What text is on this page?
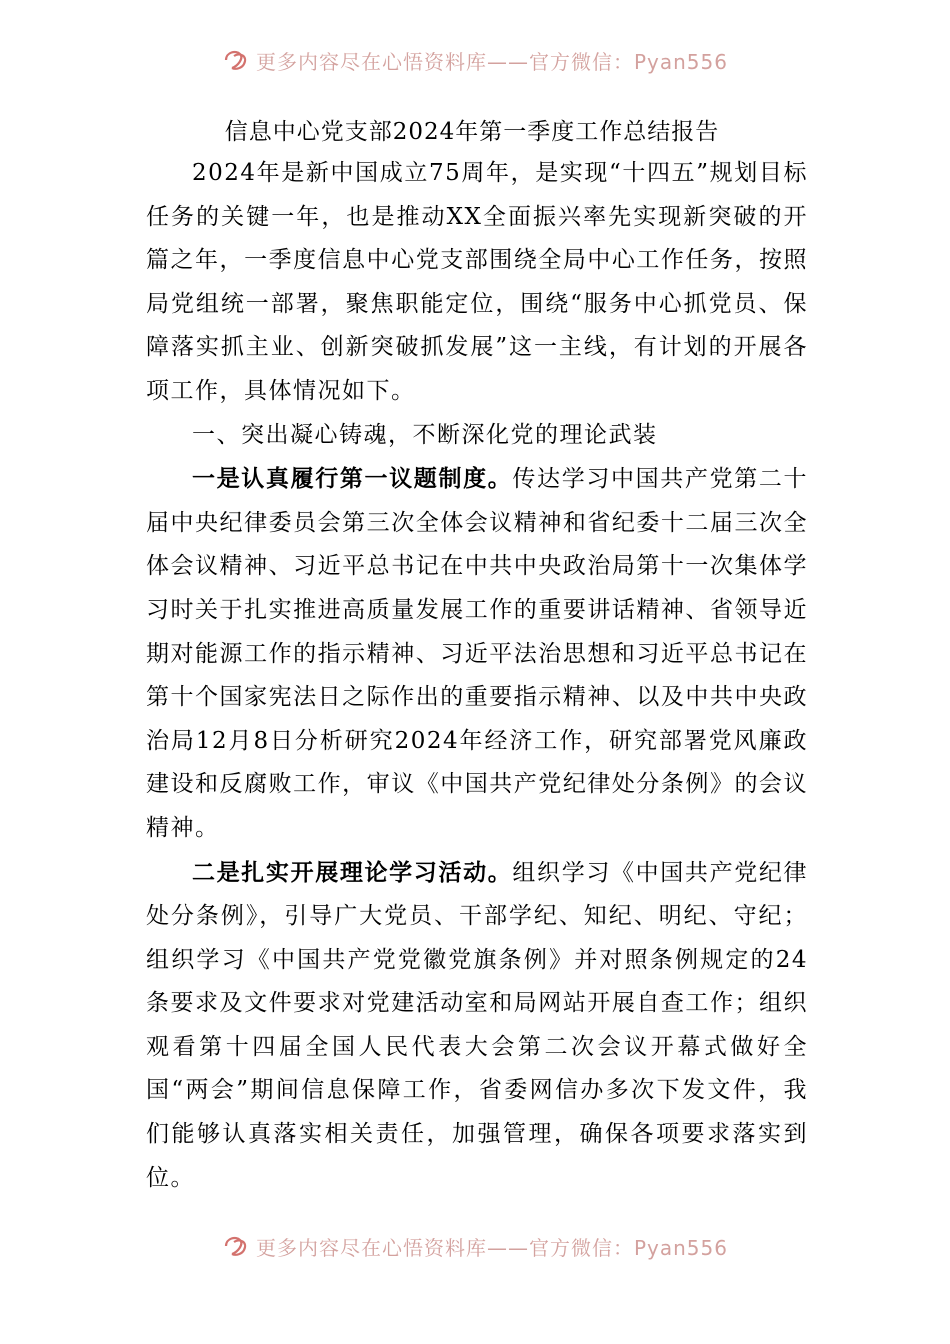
更多内容尽在心悟资料库——官方微信：Pyan556

信息中心党支部2024年第一季度工作总结报告

2024年是新中国成立75周年，是实现“十四五”规划目标任务的关键一年，也是推动XX全面振兴率先实现新突破的开篇之年，一季度信息中心党支部围绕全局中心工作任务，按照局党组统一部署，聚焦职能定位，围绕“服务中心抓党员、保障落实抓主业、创新突破抓发展”这一主线，有计划的开展各项工作，具体情况如下。

一、突出凝心铸魂，不断深化党的理论武装

一是认真履行第一议题制度。传达学习中国共产党第二十届中央纪律委员会第三次全体会议精神和省纪委十二届三次全体会议精神、习近平总书记在中共中央政治局第十一次集体学习时关于扎实推进高质量发展工作的重要讲话精神、省领导近期对能源工作的指示精神、习近平法治思想和习近平总书记在第十个国家宪法日之际作出的重要指示精神、以及中共中央政治局12月8日分析研究2024年经济工作，研究部署党风廉政建设和反腐败工作，审议《中国共产党纪律处分条例》的会议精神。

二是扎实开展理论学习活动。组织学习《中国共产党纪律处分条例》，引导广大党员、干部学纪、知纪、明纪、守纪；组织学习《中国共产党党徽党旗条例》并对照条例规定的24条要求及文件要求对党建活动室和局网站开展自查工作；组织观看第十四届全国人民代表大会第二次会议开幕式做好全国“两会”期间信息保障工作，省委网信办多次下发文件，我们能够认真落实相关责任，加强管理，确保各项要求落实到位。

更多内容尽在心悟资料库——官方微信：Pyan556
